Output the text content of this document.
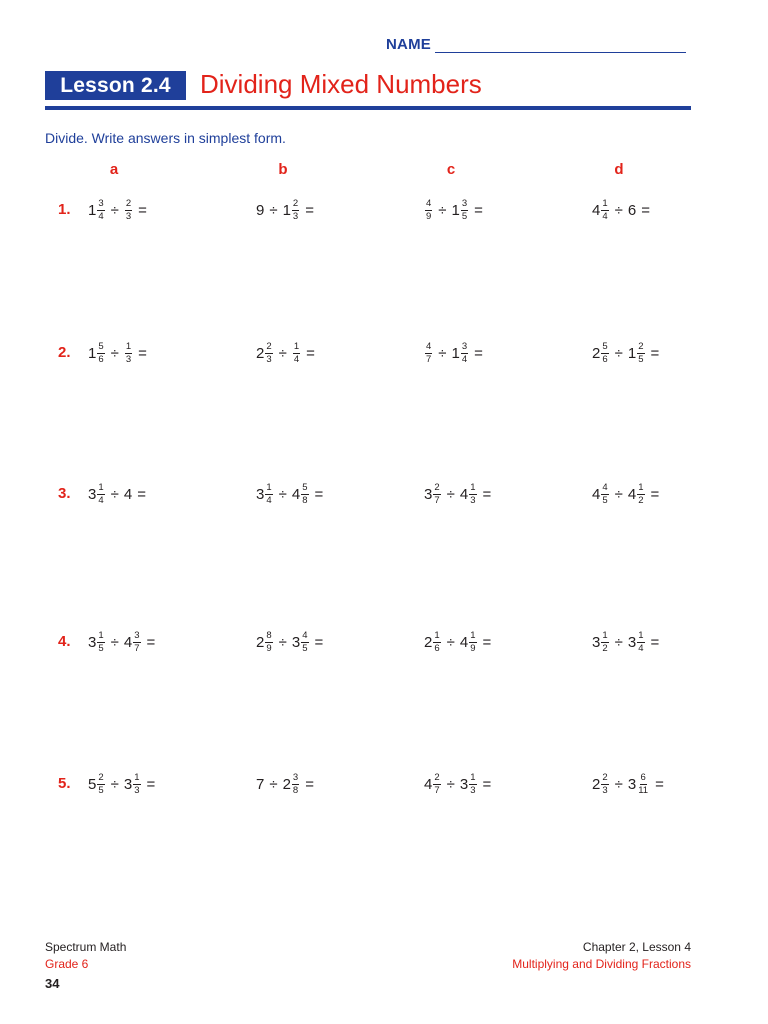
NAME
Lesson 2.4	Dividing Mixed Numbers
Divide. Write answers in simplest form.
a	b	c	d
1.	$1 \frac{3}{4} \div \frac{2}{3}$ =	$9 \div 1 \frac{2}{3}$ =	$\frac{4}{9} \div 1 \frac{3}{5}$ =	$4 \frac{1}{4} \div 6$ =
2.	$1 \frac{5}{6} \div \frac{1}{3}$ =	$2 \frac{2}{3} \div \frac{1}{4}$ =	$\frac{4}{7} \div 1 \frac{3}{4}$ =	$2 \frac{5}{6} \div 1 \frac{2}{5}$ =
3.	$3 \frac{1}{4} \div 4$ =	$3 \frac{1}{4} \div 4 \frac{5}{8}$ =	$3 \frac{2}{7} \div 4 \frac{1}{3}$ =	$4 \frac{4}{5} \div 4 \frac{1}{2}$ =
4.	$3 \frac{1}{5} \div 4 \frac{3}{7}$ =	$2 \frac{8}{9} \div 3 \frac{4}{5}$ =	$2 \frac{1}{6} \div 4 \frac{1}{9}$ =	$3 \frac{1}{2} \div 3 \frac{1}{4}$ =
5.	$5 \frac{2}{5} \div 3 \frac{1}{3}$ =	$7 \div 2 \frac{3}{8}$ =	$4 \frac{2}{7} \div 3 \frac{1}{3}$ =	$2 \frac{2}{3} \div 3 \frac{6}{11}$ =
Spectrum Math
Grade 6
34
Chapter 2, Lesson 4
Multiplying and Dividing Fractions
